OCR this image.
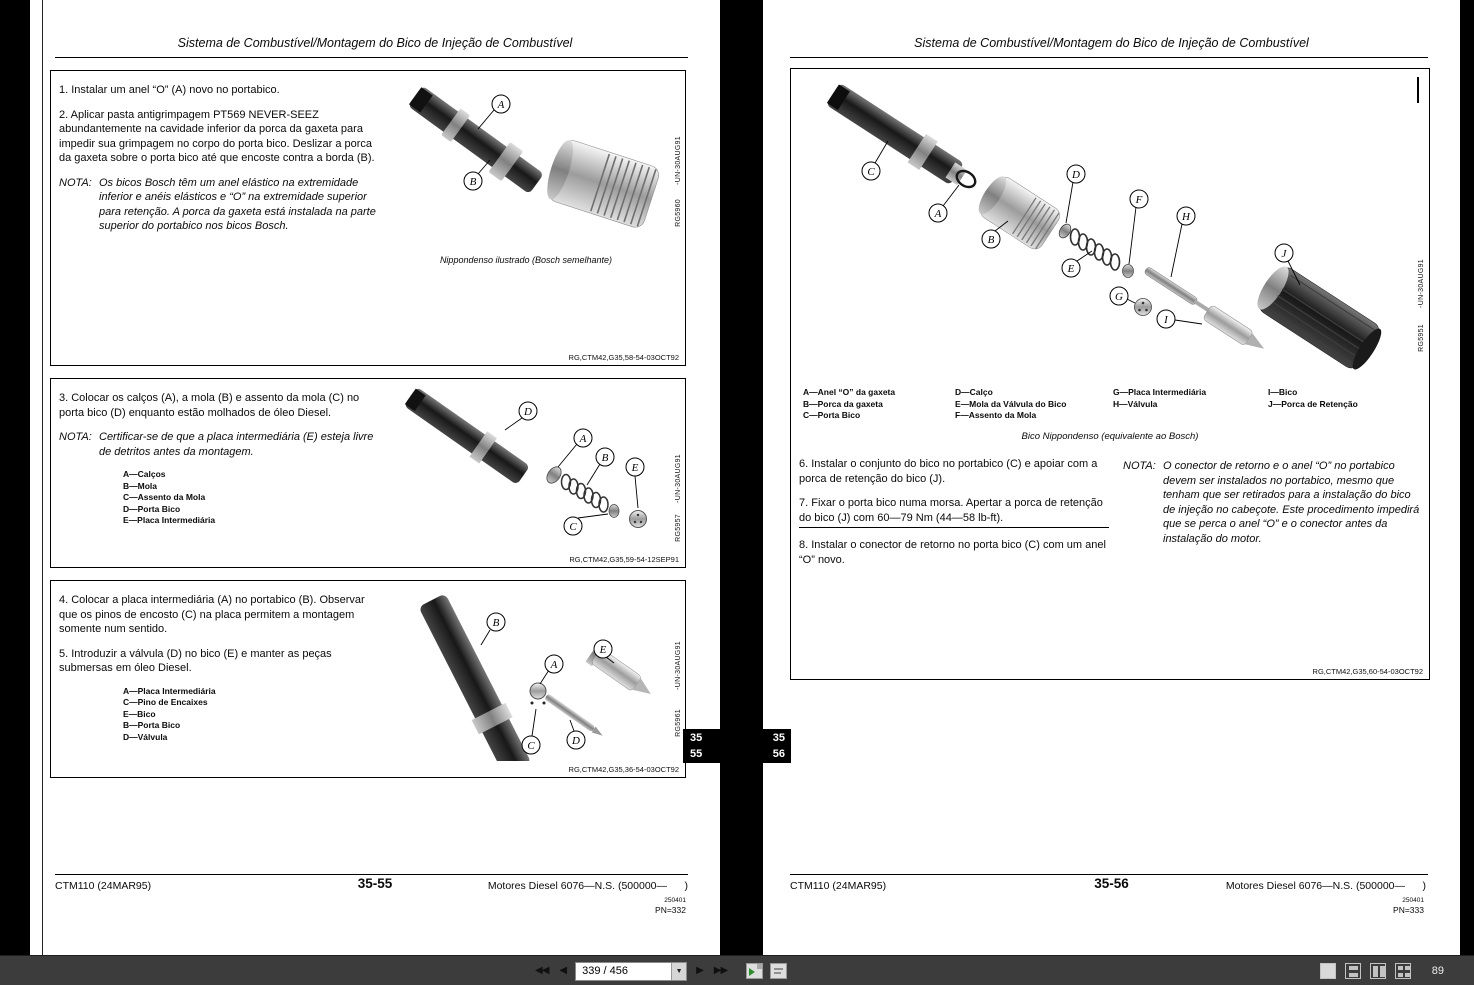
Sistema de Combustível/Montagem do Bico de Injeção de Combustível

1. Instalar um anel “O” (A) novo no portabico.

2. Aplicar pasta antigrimpagem PT569 NEVER-SEEZ abundantemente na cavidade inferior da porca da gaxeta para impedir sua grimpagem no corpo do porta bico. Deslizar a porca da gaxeta sobre o porta bico até que encoste contra a borda (B).

NOTA: Os bicos Bosch têm um anel elástico na extremidade inferior e anéis elásticos e “O” na extremidade superior para retenção. A porca da gaxeta está instalada na parte superior do portabico nos bicos Bosch.
A
B
Nippondenso ilustrado (Bosch semelhante)
-UN-30AUG91
RG5960
RG,CTM42,G35,58-54-03OCT92

3. Colocar os calços (A), a mola (B) e assento da mola (C) no porta bico (D) enquanto estão molhados de óleo Diesel.

NOTA: Certificar-se de que a placa intermediária (E) esteja livre de detritos antes da montagem.
A—Calços
B—Mola
C—Assento da Mola
D—Porta Bico
E—Placa Intermediária
D
A
B
E
C
-UN-30AUG91
RG5957
RG,CTM42,G35,59-54-12SEP91

4. Colocar a placa intermediária (A) no portabico (B). Observar que os pinos de encosto (C) na placa permitem a montagem somente num sentido.

5. Introduzir a válvula (D) no bico (E) e manter as peças submersas em óleo Diesel.

A—Placa Intermediária
C—Pino de Encaixes
E—Bico
B—Porta Bico
D—Válvula
B
A
E
C	D
-UN-30AUG91
RG5961
RG,CTM42,G35,36-54-03OCT92
CTM110 (24MAR95)	35-55	Motores Diesel 6076—N.S. (500000—      )
250401
PN=332
Sistema de Combustível/Montagem do Bico de Injeção de Combustível
C
A
B
D
E
F
H
G
I
J
-UN-30AUG91
RG5951
A—Anel “O” da gaxeta
B—Porca da gaxeta
C—Porta Bico
D—Calço
E—Mola da Válvula do Bico
F—Assento da Mola
G—Placa Intermediária
H—Válvula
I—Bico
J—Porca de Retenção
Bico Nippondenso (equivalente ao Bosch)

6. Instalar o conjunto do bico no portabico (C) e apoiar com a porca de retenção do bico (J).

7. Fixar o porta bico numa morsa. Apertar a porca de retenção do bico (J) com 60—79 Nm (44—58 lb-ft).

8. Instalar o conector de retorno no porta bico (C) com um anel “O” novo.

NOTA: O conector de retorno e o anel “O” no portabico devem ser instalados no portabico, mesmo que tenham que ser retirados para a instalação do bico de injeção no cabeçote. Este procedimento impedirá que se perca o anel “O” e o conector antes da instalação do motor.
RG,CTM42,G35,60-54-03OCT92
CTM110 (24MAR95)	35-56	Motores Diesel 6076—N.S. (500000—      )
250401
PN=333
35
55
35
56
◀◀ ◀	339 / 456	▼	▶ ▶▶	89
